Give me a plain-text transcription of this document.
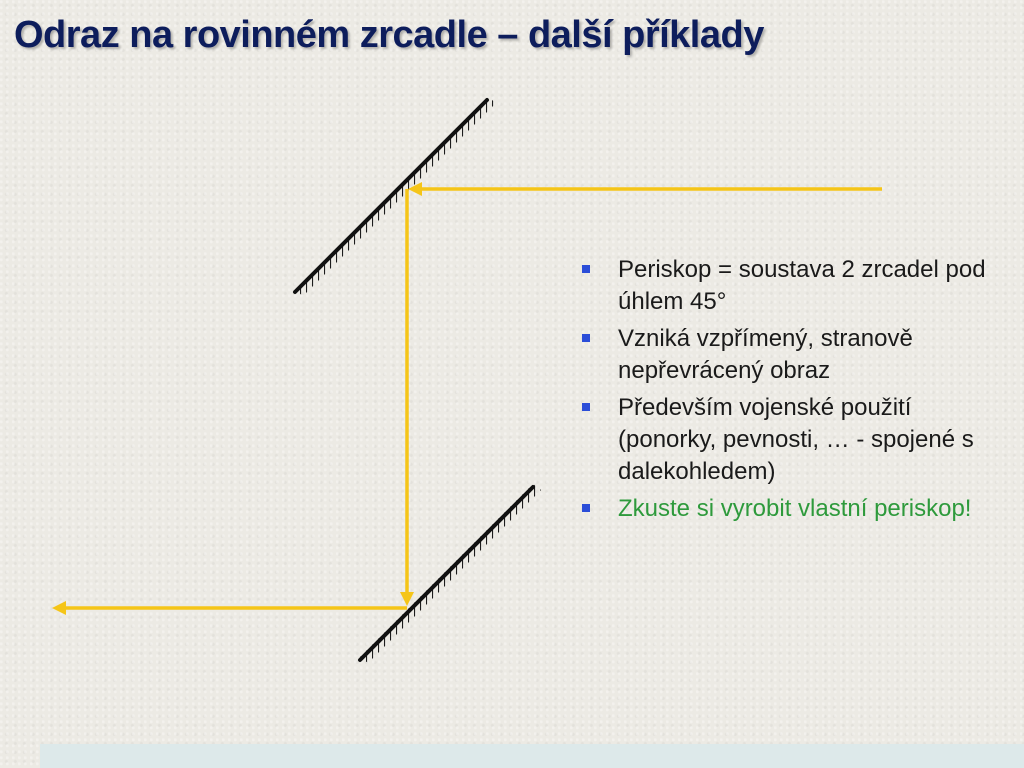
Odraz na rovinném zrcadle – další příklady
Periskop = soustava 2 zrcadel pod úhlem 45°
Vzniká vzpřímený, stranově nepřevrácený obraz
Především vojenské použití (ponorky, pevnosti, … - spojené s dalekohledem)
Zkuste si vyrobit vlastní periskop!
